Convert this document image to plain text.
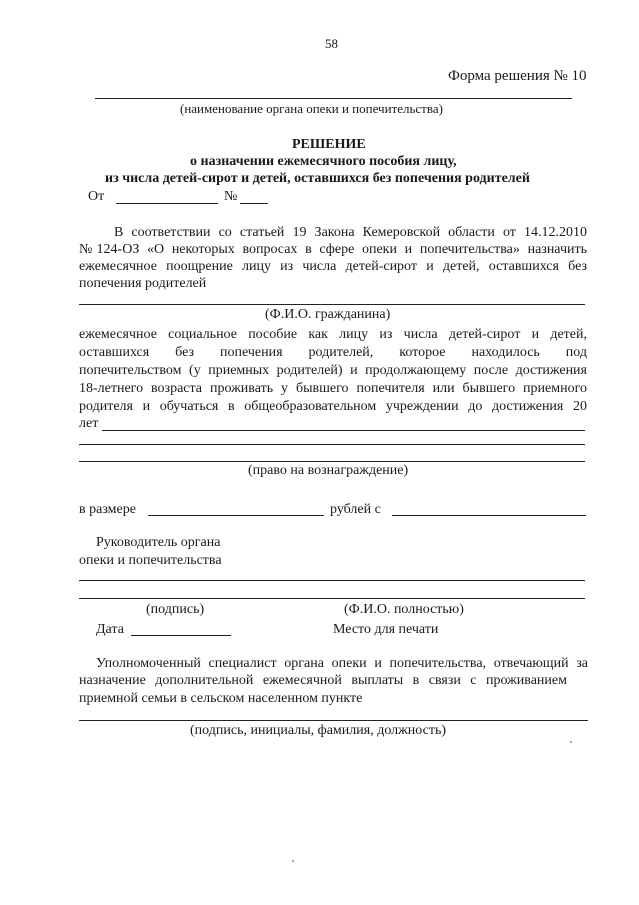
58
Форма решения № 10
(наименование органа опеки и попечительства)
РЕШЕНИЕ
о назначении ежемесячного пособия лицу,
из числа детей-сирот и детей, оставшихся без попечения родителей
От	№
В соответствии со статьей 19 Закона Кемеровской области от 14.12.2010
№124-ОЗ «О некоторых вопросах в сфере опеки и попечительства» назначить
ежемесячное поощрение лицу из числа детей-сирот и детей, оставшихся без
попечения родителей
(Ф.И.О. гражданина)
ежемесячное социальное пособие как лицу из числа детей-сирот и детей,
оставшихся без попечения родителей, которое находилось под
попечительством (у приемных родителей) и продолжающему после достижения
18-летнего возраста проживать у бывшего попечителя или бывшего приемного
родителя и обучаться в общеобразовательном учреждении до достижения 20
лет
(право на вознаграждение)
в размере	рублей с
Руководитель органа
опеки и попечительства
(подпись)	(Ф.И.О. полностью)
Дата	Место для печати
Уполномоченный специалист органа опеки и попечительства, отвечающий за
назначение дополнительной ежемесячной выплаты в связи с проживанием
приемной семьи в сельском населенном пункте
(подпись, инициалы, фамилия, должность)
